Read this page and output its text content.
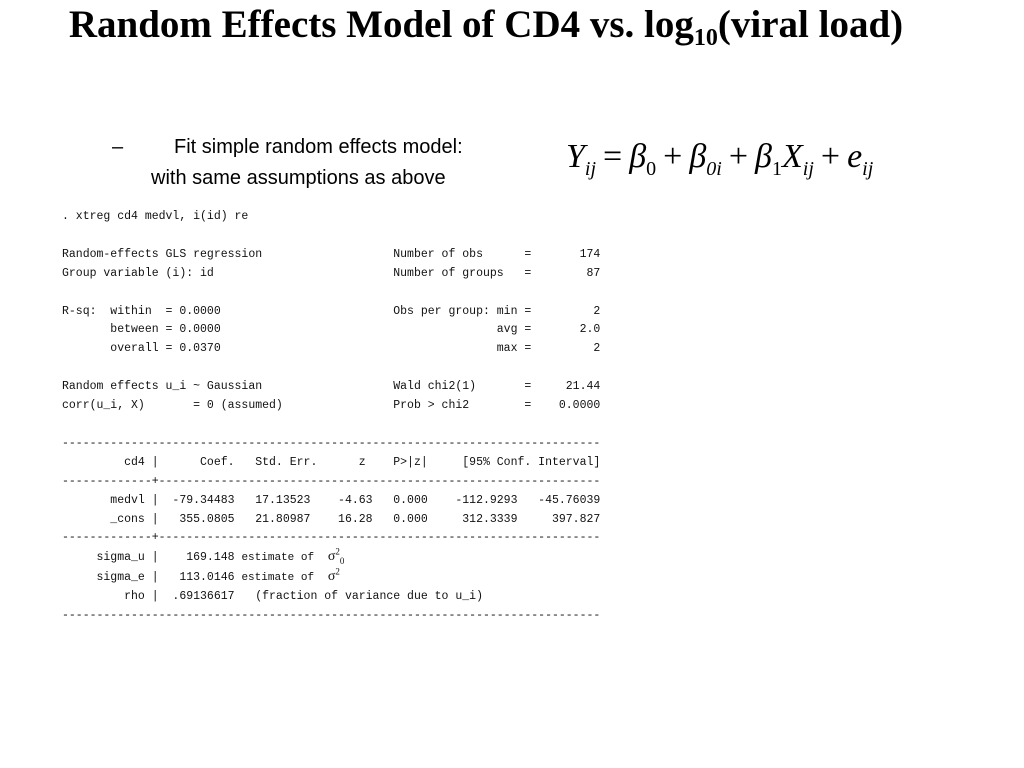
Random Effects Model of CD4 vs. $\log_{10}(viral$ load)
–	Fit simple random effects model:
with same assumptions as above
$Y_{ij} = \beta_0 + \beta_{0i} + \beta_1X_{ij} + e_{ij}$
. xtreg cd4 medvl, i(id) re

Random-effects GLS regression                   Number of obs      =       174
Group variable (i): id                          Number of groups   =        87

R-sq:  within  = 0.0000                         Obs per group: min =         2
between = 0.0000                                        avg =       2.0
overall = 0.0370                                        max =         2

Random effects u_i ~ Gaussian                   Wald chi2(1)       =     21.44
corr(u_i, X)       = 0 (assumed)                Prob > chi2        =    0.0000

------------------------------------------------------------------------------
cd4 |      Coef.   Std. Err.      z    P>|z|     [95% Conf. Interval]
-------------+----------------------------------------------------------------
medvl |  -79.34483   17.13523    -4.63   0.000    -112.9293   -45.76039
_cons |   355.0805   21.80987    16.28   0.000     312.3339     397.827
-------------+----------------------------------------------------------------
sigma_u |    169.148 estimate of $\sigma^2_0$
sigma_e |   113.0146 estimate of $\sigma^2$
rho |  .69136617   (fraction of variance due to u_i)
------------------------------------------------------------------------------
